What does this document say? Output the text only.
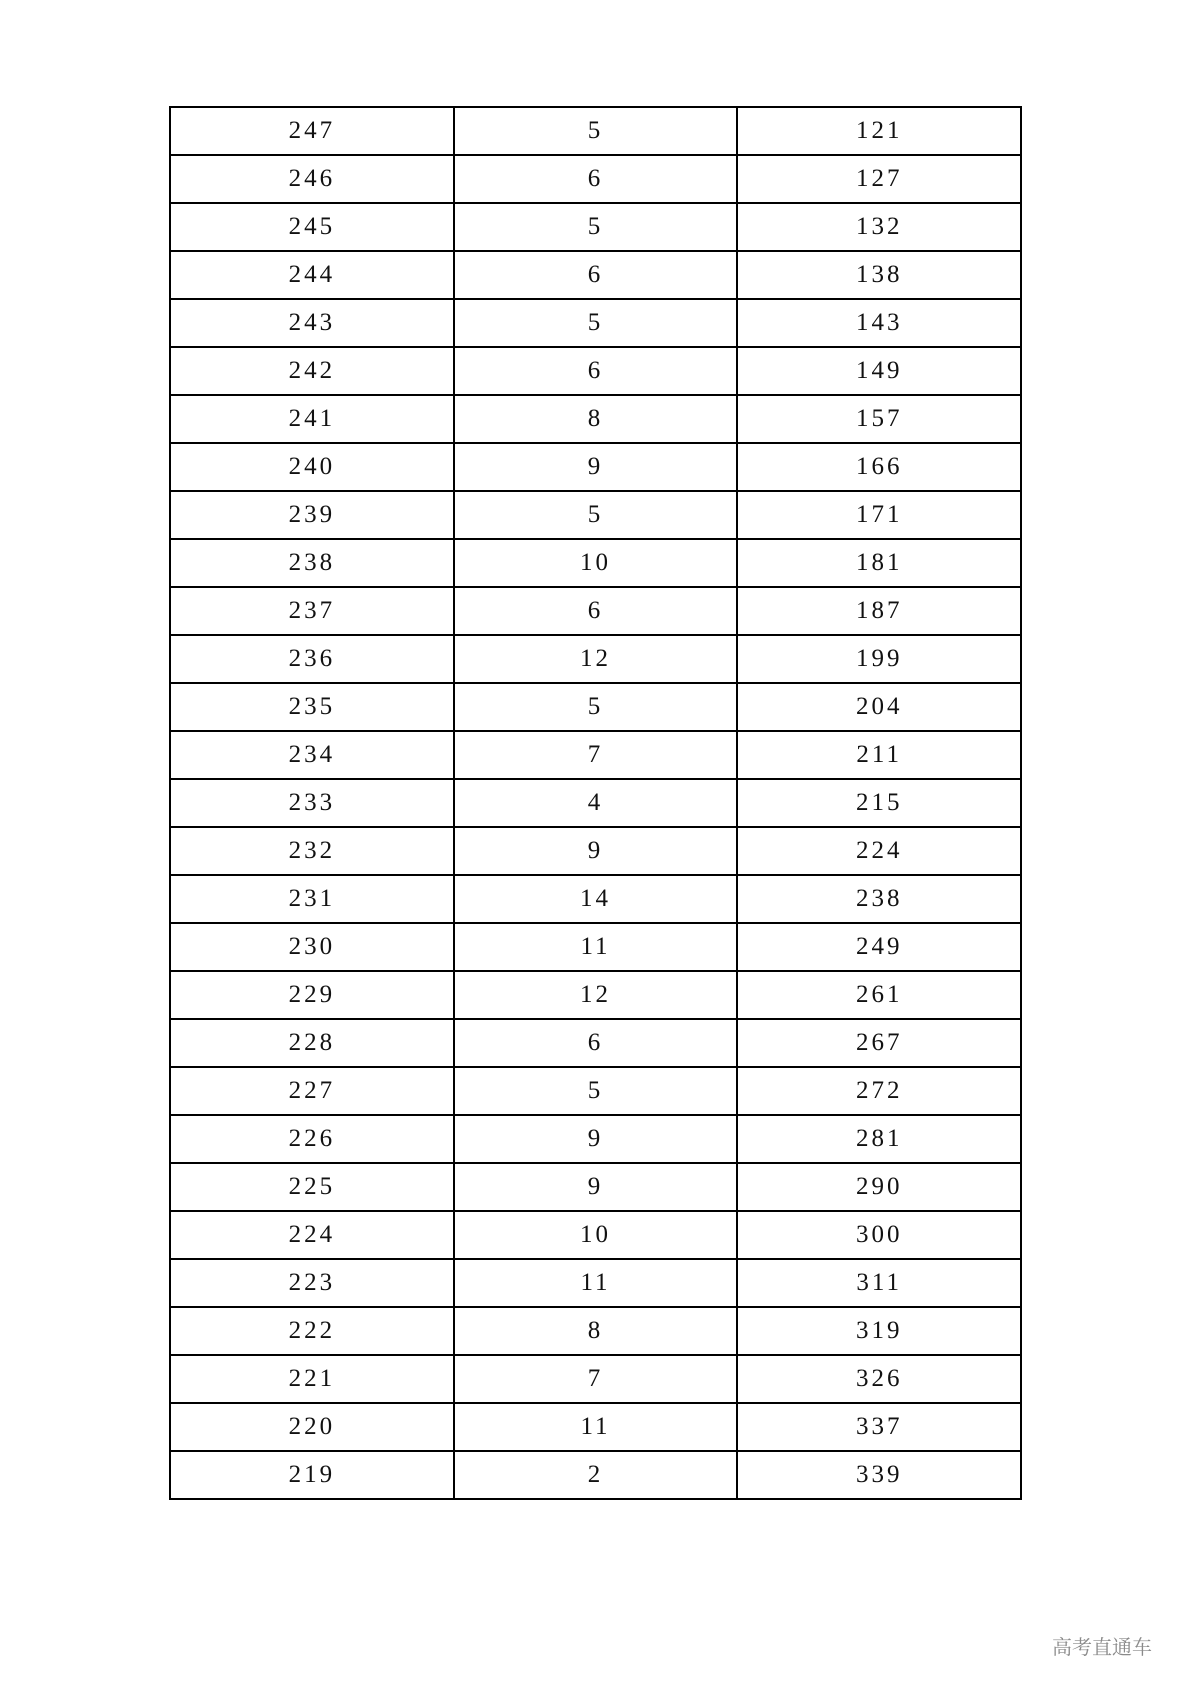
247	5	121
246	6	127
245	5	132
244	6	138
243	5	143
242	6	149
241	8	157
240	9	166
239	5	171
238	10	181
237	6	187
236	12	199
235	5	204
234	7	211
233	4	215
232	9	224
231	14	238
230	11	249
229	12	261
228	6	267
227	5	272
226	9	281
225	9	290
224	10	300
223	11	311
222	8	319
221	7	326
220	11	337
219	2	339
高考直通车
